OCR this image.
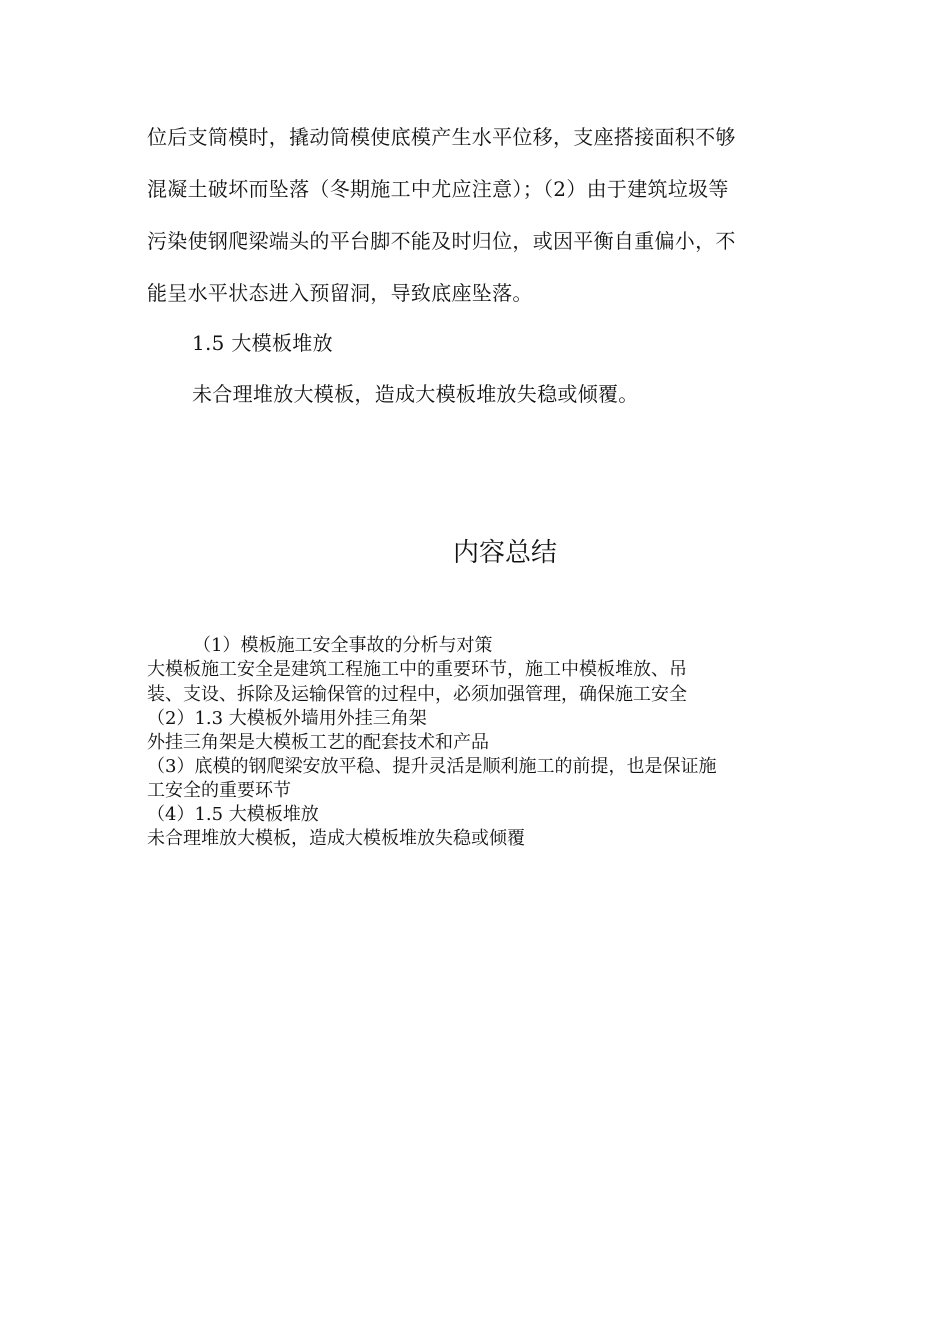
位后支筒模时，撬动筒模使底模产生水平位移，支座搭接面积不够
混凝土破坏而坠落（冬期施工中尤应注意）；（2）由于建筑垃圾等
污染使钢爬梁端头的平台脚不能及时归位，或因平衡自重偏小，不
能呈水平状态进入预留洞，导致底座坠落。
1.5 大模板堆放
未合理堆放大模板，造成大模板堆放失稳或倾覆。
内容总结
（1）模板施工安全事故的分析与对策
大模板施工安全是建筑工程施工中的重要环节，施工中模板堆放、吊
装、支设、拆除及运输保管的过程中，必须加强管理，确保施工安全
（2）1.3 大模板外墙用外挂三角架
外挂三角架是大模板工艺的配套技术和产品
（3）底模的钢爬梁安放平稳、提升灵活是顺利施工的前提，也是保证施
工安全的重要环节
（4）1.5 大模板堆放
未合理堆放大模板，造成大模板堆放失稳或倾覆
